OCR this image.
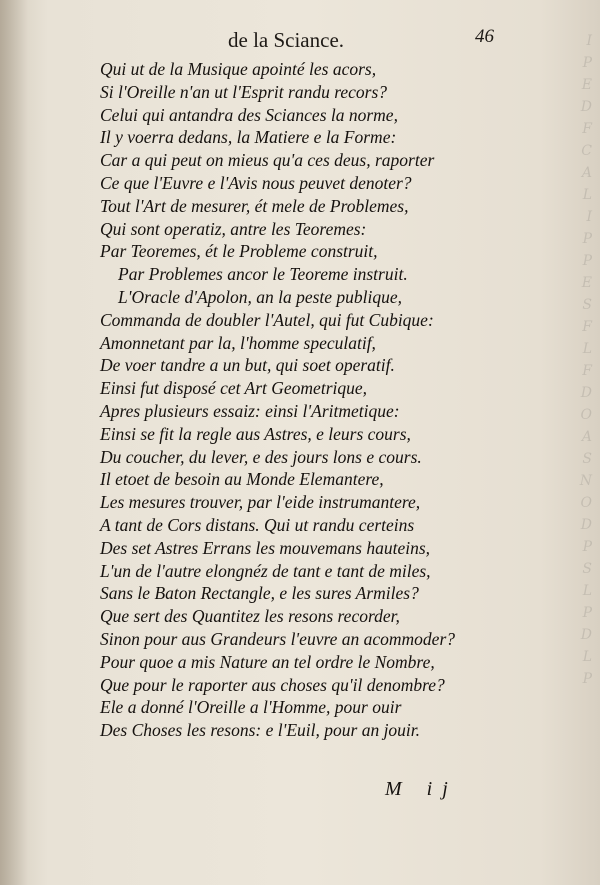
I
P
E
D
F
C
A
L
I
P
P
E
S
F
L
F
D
O
A
S
N
O
D
P
S
L
P
D
L
P
de la Sciance.	46
Qui ut de la Musique apointé les acors,
Si l'Oreille n'an ut l'Esprit randu recors?
Celui qui antandra des Sciances la norme,
Il y voerra dedans, la Matiere e la Forme:
Car a qui peut on mieus qu'a ces deus, raporter
Ce que l'Euvre e l'Avis nous peuvet denoter?
Tout l'Art de mesurer, ét mele de Problemes,
Qui sont operatiz, antre les Teoremes:
Par Teoremes, ét le Probleme construit,
Par Problemes ancor le Teoreme instruit.
L'Oracle d'Apolon, an la peste publique,
Commanda de doubler l'Autel, qui fut Cubique:
Amonnetant par la, l'homme speculatif,
De voer tandre a un but, qui soet operatif.
Einsi fut disposé cet Art Geometrique,
Apres plusieurs essaiz: einsi l'Aritmetique:
Einsi se fit la regle aus Astres, e leurs cours,
Du coucher, du lever, e des jours lons e cours.
Il etoet de besoin au Monde Elemantere,
Les mesures trouver, par l'eide instrumantere,
A tant de Cors distans. Qui ut randu certeins
Des set Astres Errans les mouvemans hauteins,
L'un de l'autre elongnéz de tant e tant de miles,
Sans le Baton Rectangle, e les sures Armiles?
Que sert des Quantitez les resons recorder,
Sinon pour aus Grandeurs l'euvre an acommoder?
Pour quoe a mis Nature an tel ordre le Nombre,
Que pour le raporter aus choses qu'il denombre?
Ele a donné l'Oreille a l'Homme, pour ouir
Des Choses les resons: e l'Euil, pour an jouir.
M ij
